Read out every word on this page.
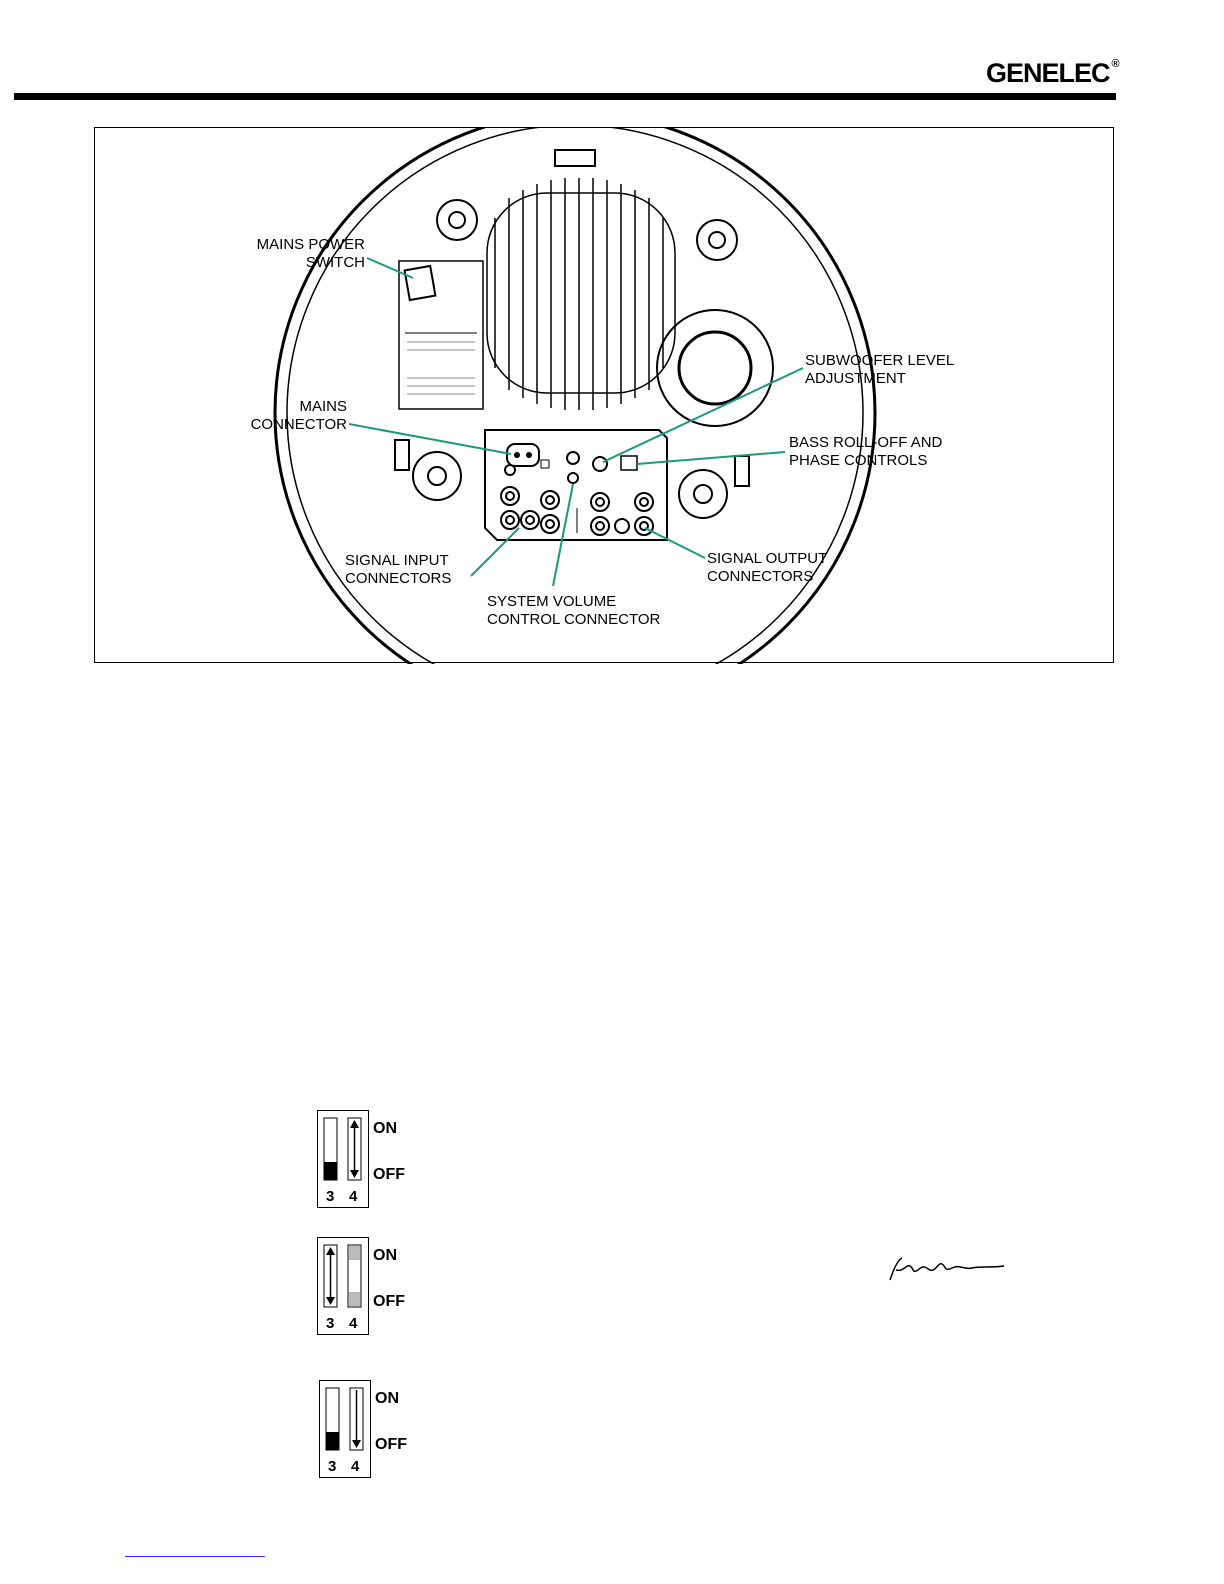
GENELEC ®
MAINS POWER
SWITCH
MAINS
CONNECTOR
SUBWOOFER LEVEL
ADJUSTMENT
BASS ROLL-OFF AND
PHASE CONTROLS
SIGNAL INPUT
CONNECTORS
SIGNAL OUTPUT
CONNECTORS
SYSTEM VOLUME
CONTROL CONNECTOR
ON
OFF
3 4
ON
OFF
3 4
ON
OFF
3 4
